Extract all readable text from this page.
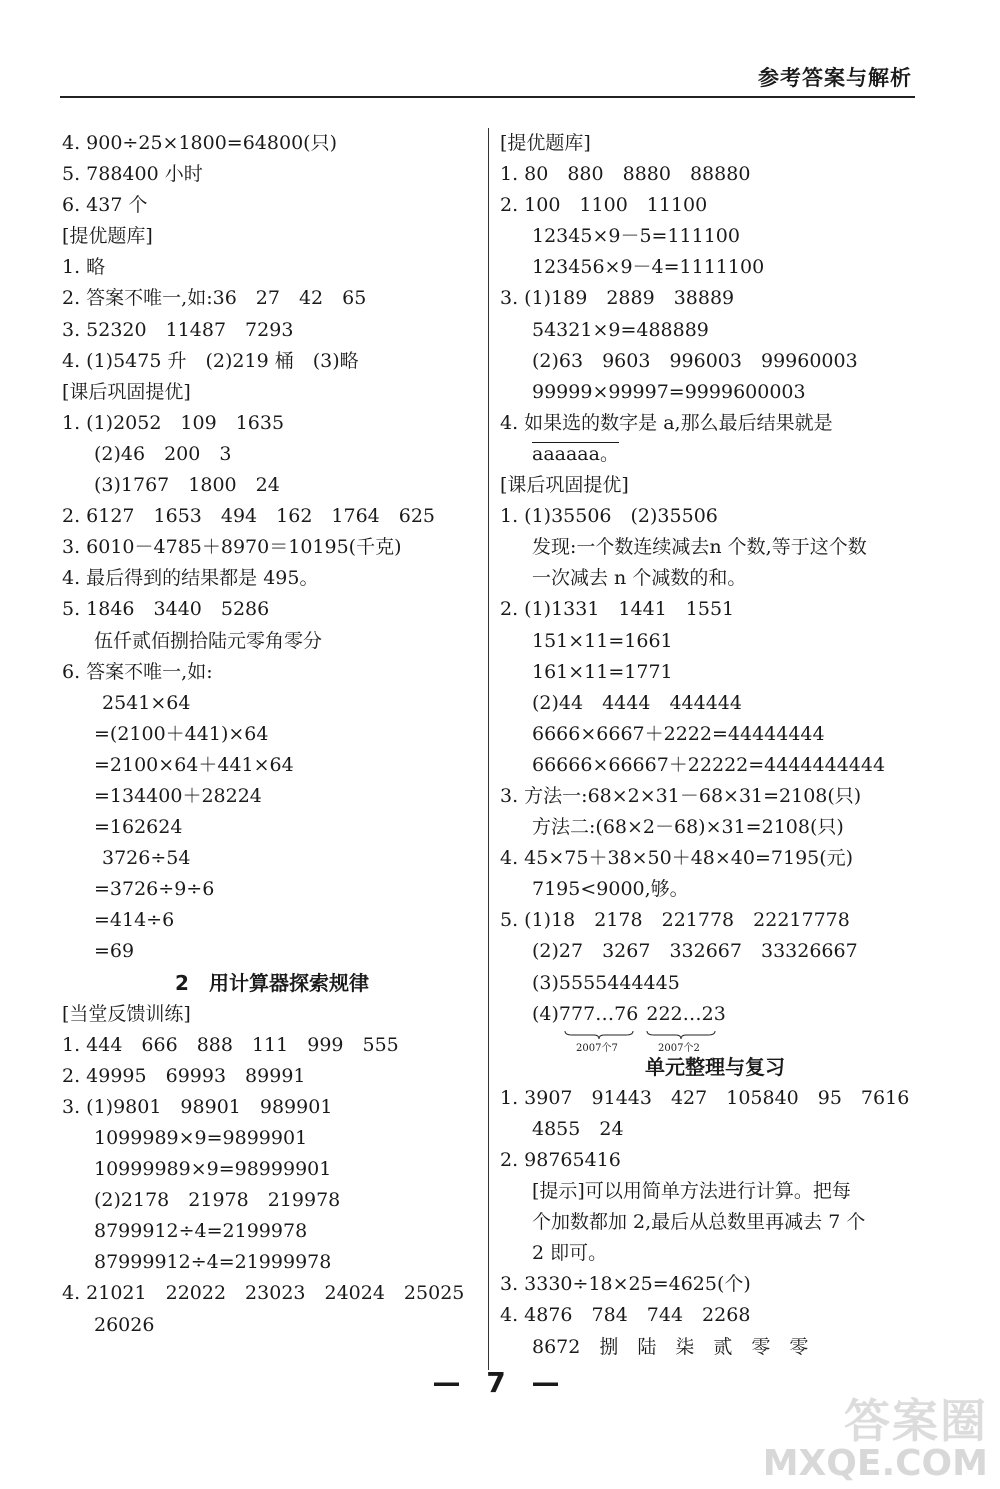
参考答案与解析

4. 900÷25×1800=64800(只)

5. 788400 小时

6. 437 个

[提优题库]

1. 略

2. 答案不唯一,如:36　27　42　65

3. 52320　11487　7293

4. (1)5475 升　(2)219 桶　(3)略

[课后巩固提优]

1. (1)2052　109　1635

(2)46　200　3

(3)1767　1800　24

2. 6127　1653　494　162　1764　625

3. 6010－4785＋8970＝10195(千克)

4. 最后得到的结果都是 495。

5. 1846　3440　5286

伍仟贰佰捌拾陆元零角零分

6. 答案不唯一,如:

2541×64

=(2100＋441)×64

=2100×64＋441×64

=134400＋28224

=162624

3726÷54

=3726÷9÷6

=414÷6

=69

2　用计算器探索规律

[当堂反馈训练]

1. 444　666　888　111　999　555

2. 49995　69993　89991

3. (1)9801　98901　989901

1099989×9=9899901

10999989×9=98999901

(2)2178　21978　219978

8799912÷4=2199978

87999912÷4=21999978

4. 21021　22022　23023　24024　25025

26026

[提优题库]

1. 80　880　8880　88880

2. 100　1100　11100

12345×9－5=111100

123456×9－4=1111100

3. (1)189　2889　38889

54321×9=488889

(2)63　9603　996003　99960003

99999×99997=9999600003

4. 如果选的数字是 a,那么最后结果就是

aaaaaa。

[课后巩固提优]

1. (1)35506　(2)35506

发现:一个数连续减去n 个数,等于这个数

一次减去 n 个减数的和。

2. (1)1331　1441　1551

151×11=1661

161×11=1771

(2)44　4444　444444

6666×6667＋2222=44444444

66666×66667＋22222=4444444444

3. 方法一:68×2×31－68×31=2108(只)

方法二:(68×2－68)×31=2108(只)

4. 45×75＋38×50＋48×40=7195(元)

7195<9000,够。

5. (1)18　2178　221778　22217778

(2)27　3267　332667　33326667

(3)5555444445

(4)777…76 222…23

2007个7	2007个2

单元整理与复习

1. 3907　91443　427　105840　95　7616

4855　24

2. 98765416

[提示]可以用简单方法进行计算。把每

个加数都加 2,最后从总数里再减去 7 个

2 即可。

3. 3330÷18×25=4625(个)

4. 4876　784　744　2268

8672　捌　陆　柒　贰　零　零

— 7 —
答案圈
MXQE.COM
